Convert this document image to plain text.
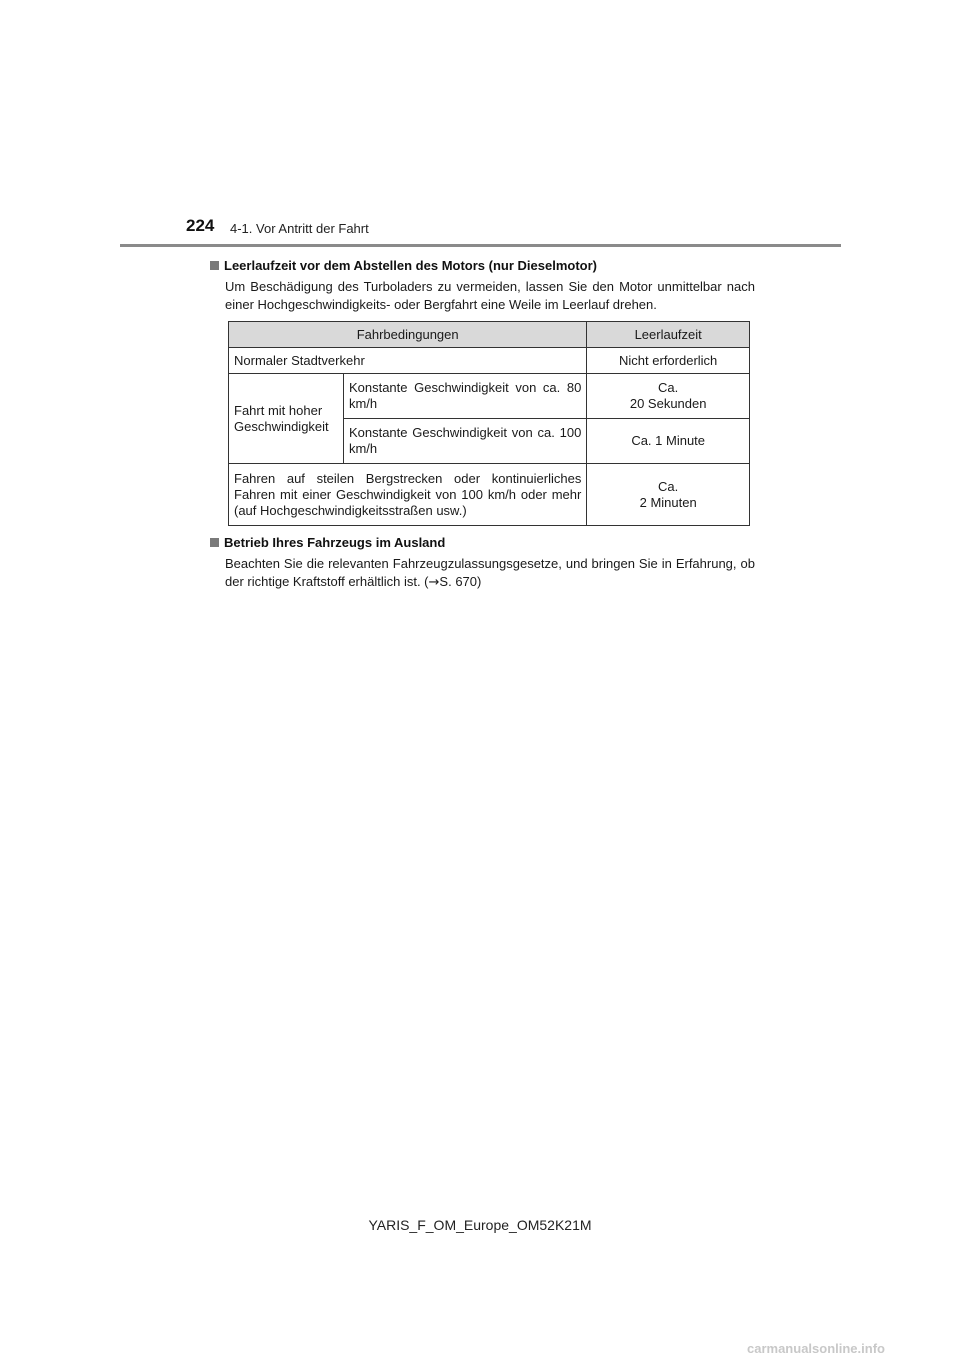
224 4-1. Vor Antritt der Fahrt
Leerlaufzeit vor dem Abstellen des Motors (nur Dieselmotor)
Um Beschädigung des Turboladers zu vermeiden, lassen Sie den Motor unmittelbar nach einer Hochgeschwindigkeits- oder Bergfahrt eine Weile im Leerlauf drehen.
Fahrbedingungen		Leerlaufzeit
Normaler Stadtverkehr		Nicht erforderlich
Fahrt mit hoher Geschwindigkeit	Konstante Geschwindigkeit von ca. 80 km/h	Ca.
20 Sekunden
	Konstante Geschwindigkeit von ca. 100 km/h	Ca. 1 Minute
Fahren auf steilen Bergstrecken oder kontinuierliches Fahren mit einer Geschwindigkeit von 100 km/h oder mehr (auf Hochgeschwindigkeitsstraßen usw.)		Ca.
2 Minuten
Betrieb Ihres Fahrzeugs im Ausland
Beachten Sie die relevanten Fahrzeugzulassungsgesetze, und bringen Sie in Erfahrung, ob der richtige Kraftstoff erhältlich ist. (→S. 670)
YARIS_F_OM_Europe_OM52K21M
carmanualsonline.info
